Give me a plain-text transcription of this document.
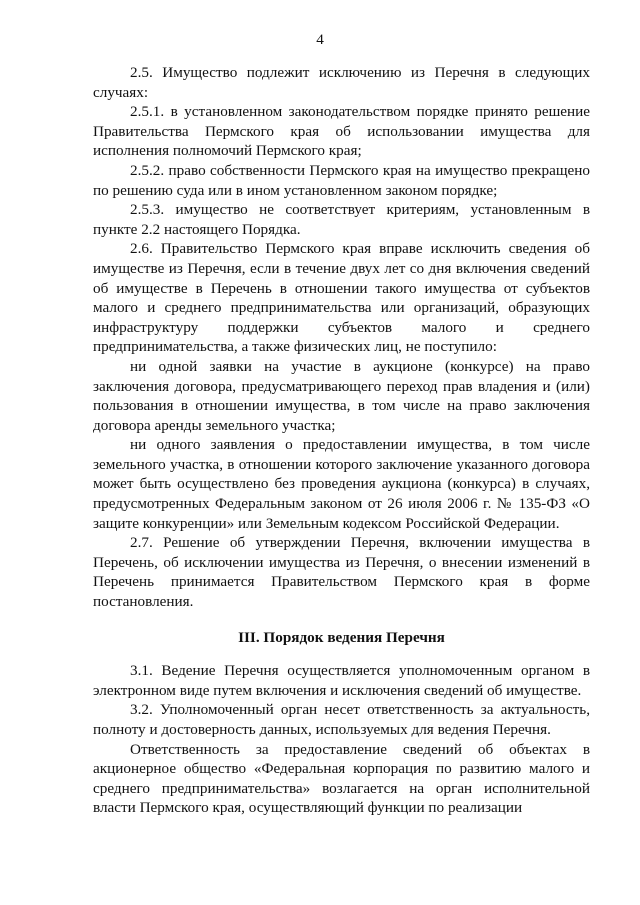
4

2.5. Имущество подлежит исключению из Перечня в следующих случаях:

2.5.1. в установленном законодательством порядке принято решение Правительства Пермского края об использовании имущества для исполнения полномочий Пермского края;

2.5.2. право собственности Пермского края на имущество прекращено по решению суда или в ином установленном законом порядке;

2.5.3. имущество не соответствует критериям, установленным в пункте 2.2 настоящего Порядка.

2.6. Правительство Пермского края вправе исключить сведения об имуществе из Перечня, если в течение двух лет со дня включения сведений об имуществе в Перечень в отношении такого имущества от субъектов малого и среднего предпринимательства или организаций, образующих инфраструктуру поддержки субъектов малого и среднего предпринимательства, а также физических лиц, не поступило:

ни одной заявки на участие в аукционе (конкурсе) на право заключения договора, предусматривающего переход прав владения и (или) пользования в отношении имущества, в том числе на право заключения договора аренды земельного участка;

ни одного заявления о предоставлении имущества, в том числе земельного участка, в отношении которого заключение указанного договора может быть осуществлено без проведения аукциона (конкурса) в случаях, предусмотренных Федеральным законом от 26 июля 2006 г. № 135-ФЗ «О защите конкуренции» или Земельным кодексом Российской Федерации.

2.7. Решение об утверждении Перечня, включении имущества в Перечень, об исключении имущества из Перечня, о внесении изменений в Перечень принимается Правительством Пермского края в форме постановления.

III. Порядок ведения Перечня

3.1. Ведение Перечня осуществляется уполномоченным органом в электронном виде путем включения и исключения сведений об имуществе.

3.2. Уполномоченный орган несет ответственность за актуальность, полноту и достоверность данных, используемых для ведения Перечня.

Ответственность за предоставление сведений об объектах в акционерное общество «Федеральная корпорация по развитию малого и среднего предпринимательства» возлагается на орган исполнительной власти Пермского края, осуществляющий функции по реализации
